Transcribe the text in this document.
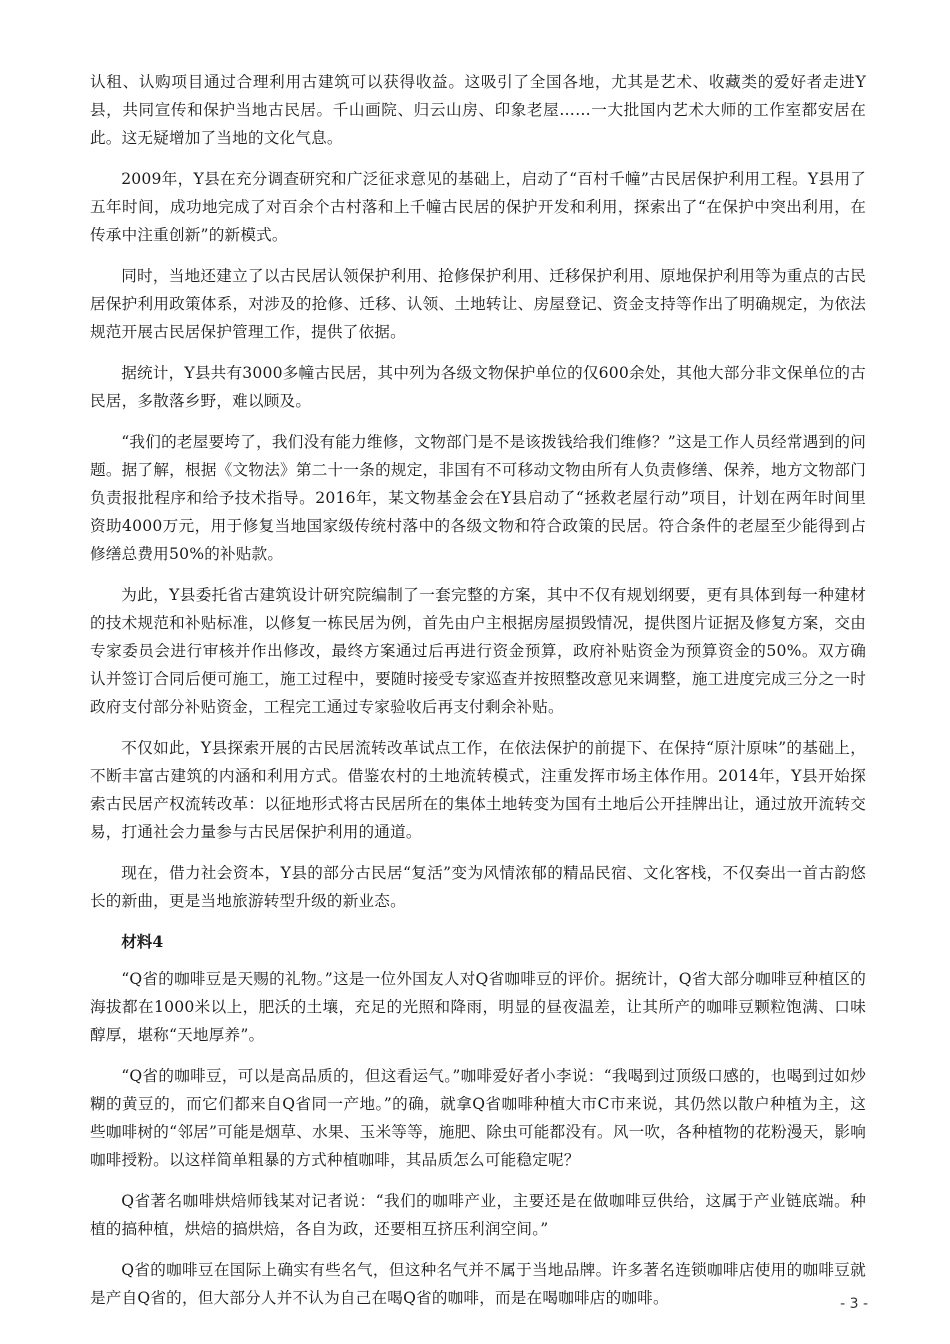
认租、认购项目通过合理利用古建筑可以获得收益。这吸引了全国各地，尤其是艺术、收藏类的爱好者走进Y县，共同宣传和保护当地古民居。千山画院、归云山房、印象老屋……一大批国内艺术大师的工作室都安居在此。这无疑增加了当地的文化气息。

2009年，Y县在充分调查研究和广泛征求意见的基础上，启动了“百村千幢”古民居保护利用工程。Y县用了五年时间，成功地完成了对百余个古村落和上千幢古民居的保护开发和利用，探索出了“在保护中突出利用，在传承中注重创新”的新模式。

同时，当地还建立了以古民居认领保护利用、抢修保护利用、迁移保护利用、原地保护利用等为重点的古民居保护利用政策体系，对涉及的抢修、迁移、认领、土地转让、房屋登记、资金支持等作出了明确规定，为依法规范开展古民居保护管理工作，提供了依据。

据统计，Y县共有3000多幢古民居，其中列为各级文物保护单位的仅600余处，其他大部分非文保单位的古民居，多散落乡野，难以顾及。

“我们的老屋要垮了，我们没有能力维修，文物部门是不是该拨钱给我们维修？”这是工作人员经常遇到的问题。据了解，根据《文物法》第二十一条的规定，非国有不可移动文物由所有人负责修缮、保养，地方文物部门负责报批程序和给予技术指导。2016年，某文物基金会在Y县启动了“拯救老屋行动”项目，计划在两年时间里资助4000万元，用于修复当地国家级传统村落中的各级文物和符合政策的民居。符合条件的老屋至少能得到占修缮总费用50%的补贴款。

为此，Y县委托省古建筑设计研究院编制了一套完整的方案，其中不仅有规划纲要，更有具体到每一种建材的技术规范和补贴标准，以修复一栋民居为例，首先由户主根据房屋损毁情况，提供图片证据及修复方案，交由专家委员会进行审核并作出修改，最终方案通过后再进行资金预算，政府补贴资金为预算资金的50%。双方确认并签订合同后便可施工，施工过程中，要随时接受专家巡查并按照整改意见来调整，施工进度完成三分之一时政府支付部分补贴资金，工程完工通过专家验收后再支付剩余补贴。

不仅如此，Y县探索开展的古民居流转改革试点工作，在依法保护的前提下、在保持“原汁原味”的基础上，不断丰富古建筑的内涵和利用方式。借鉴农村的土地流转模式，注重发挥市场主体作用。2014年，Y县开始探索古民居产权流转改革：以征地形式将古民居所在的集体土地转变为国有土地后公开挂牌出让，通过放开流转交易，打通社会力量参与古民居保护利用的通道。

现在，借力社会资本，Y县的部分古民居“复活”变为风情浓郁的精品民宿、文化客栈，不仅奏出一首古韵悠长的新曲，更是当地旅游转型升级的新业态。

材料4

“Q省的咖啡豆是天赐的礼物。”这是一位外国友人对Q省咖啡豆的评价。据统计，Q省大部分咖啡豆种植区的海拔都在1000米以上，肥沃的土壤，充足的光照和降雨，明显的昼夜温差，让其所产的咖啡豆颗粒饱满、口味醇厚，堪称“天地厚养”。

“Q省的咖啡豆，可以是高品质的，但这看运气。”咖啡爱好者小李说：“我喝到过顶级口感的，也喝到过如炒糊的黄豆的，而它们都来自Q省同一产地。”的确，就拿Q省咖啡种植大市C市来说，其仍然以散户种植为主，这些咖啡树的“邻居”可能是烟草、水果、玉米等等，施肥、除虫可能都没有。风一吹，各种植物的花粉漫天，影响咖啡授粉。以这样简单粗暴的方式种植咖啡，其品质怎么可能稳定呢？

Q省著名咖啡烘焙师钱某对记者说：“我们的咖啡产业，主要还是在做咖啡豆供给，这属于产业链底端。种植的搞种植，烘焙的搞烘焙，各自为政，还要相互挤压利润空间。”

Q省的咖啡豆在国际上确实有些名气，但这种名气并不属于当地品牌。许多著名连锁咖啡店使用的咖啡豆就是产自Q省的，但大部分人并不认为自己在喝Q省的咖啡，而是在喝咖啡店的咖啡。	- 3 -
